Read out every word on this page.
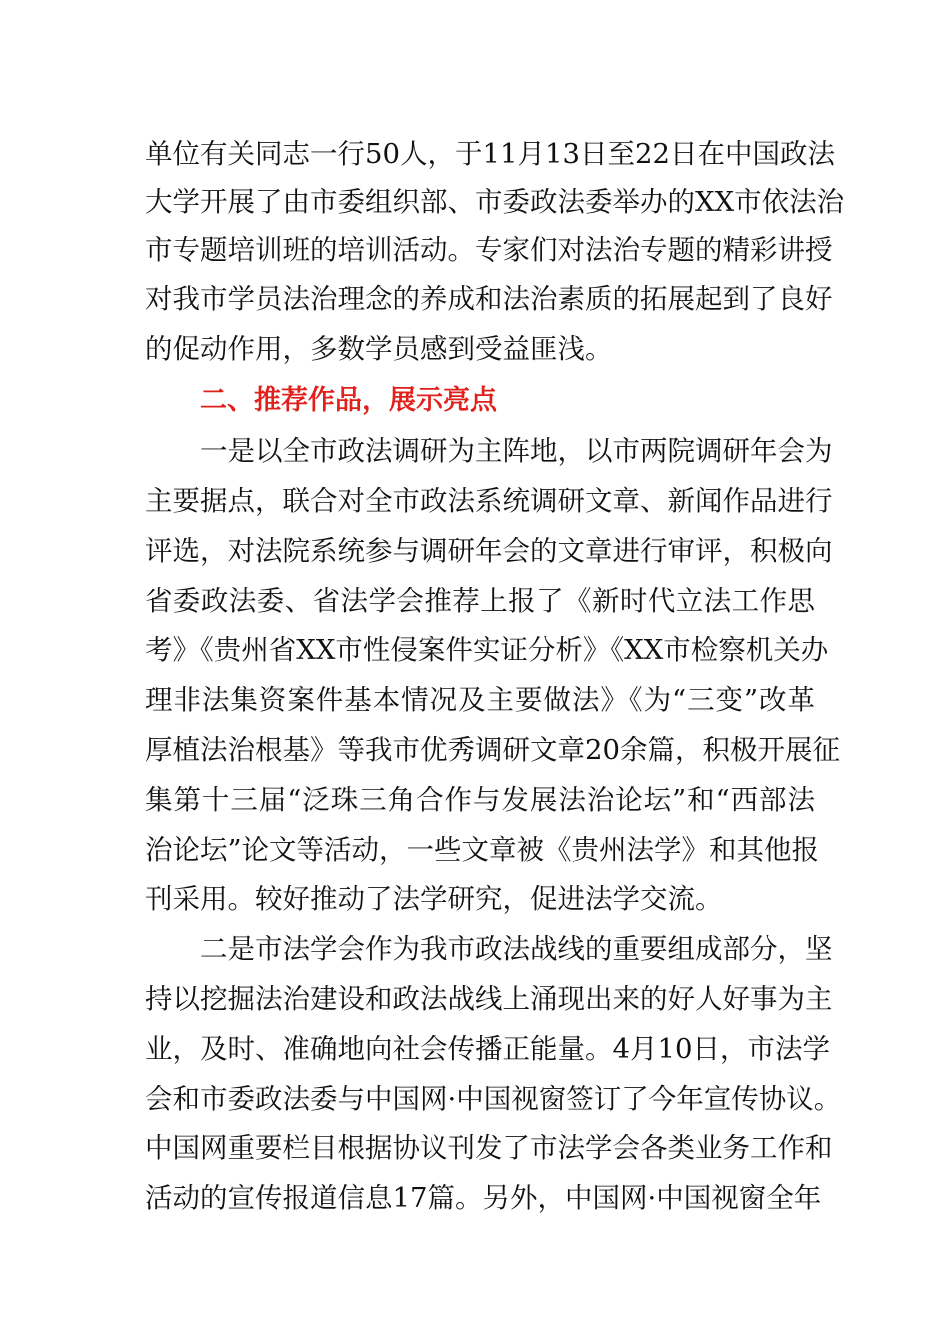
单位有关同志一行50人，于11月13日至22日在中国政法
大学开展了由市委组织部、市委政法委举办的XX市依法治
市专题培训班的培训活动。专家们对法治专题的精彩讲授
对我市学员法治理念的养成和法治素质的拓展起到了良好
的促动作用，多数学员感到受益匪浅。
二、推荐作品，展示亮点
一是以全市政法调研为主阵地，以市两院调研年会为
主要据点，联合对全市政法系统调研文章、新闻作品进行
评选，对法院系统参与调研年会的文章进行审评，积极向
省委政法委、省法学会推荐上报了《新时代立法工作思
考》《贵州省XX市性侵案件实证分析》《XX市检察机关办
理非法集资案件基本情况及主要做法》《为“三变”改革
厚植法治根基》等我市优秀调研文章20余篇，积极开展征
集第十三届“泛珠三角合作与发展法治论坛”和“西部法
治论坛”论文等活动，一些文章被《贵州法学》和其他报
刊采用。较好推动了法学研究，促进法学交流。
二是市法学会作为我市政法战线的重要组成部分，坚
持以挖掘法治建设和政法战线上涌现出来的好人好事为主
业，及时、准确地向社会传播正能量。4月10日，市法学
会和市委政法委与中国网·中国视窗签订了今年宣传协议。
中国网重要栏目根据协议刊发了市法学会各类业务工作和
活动的宣传报道信息17篇。另外，中国网·中国视窗全年
